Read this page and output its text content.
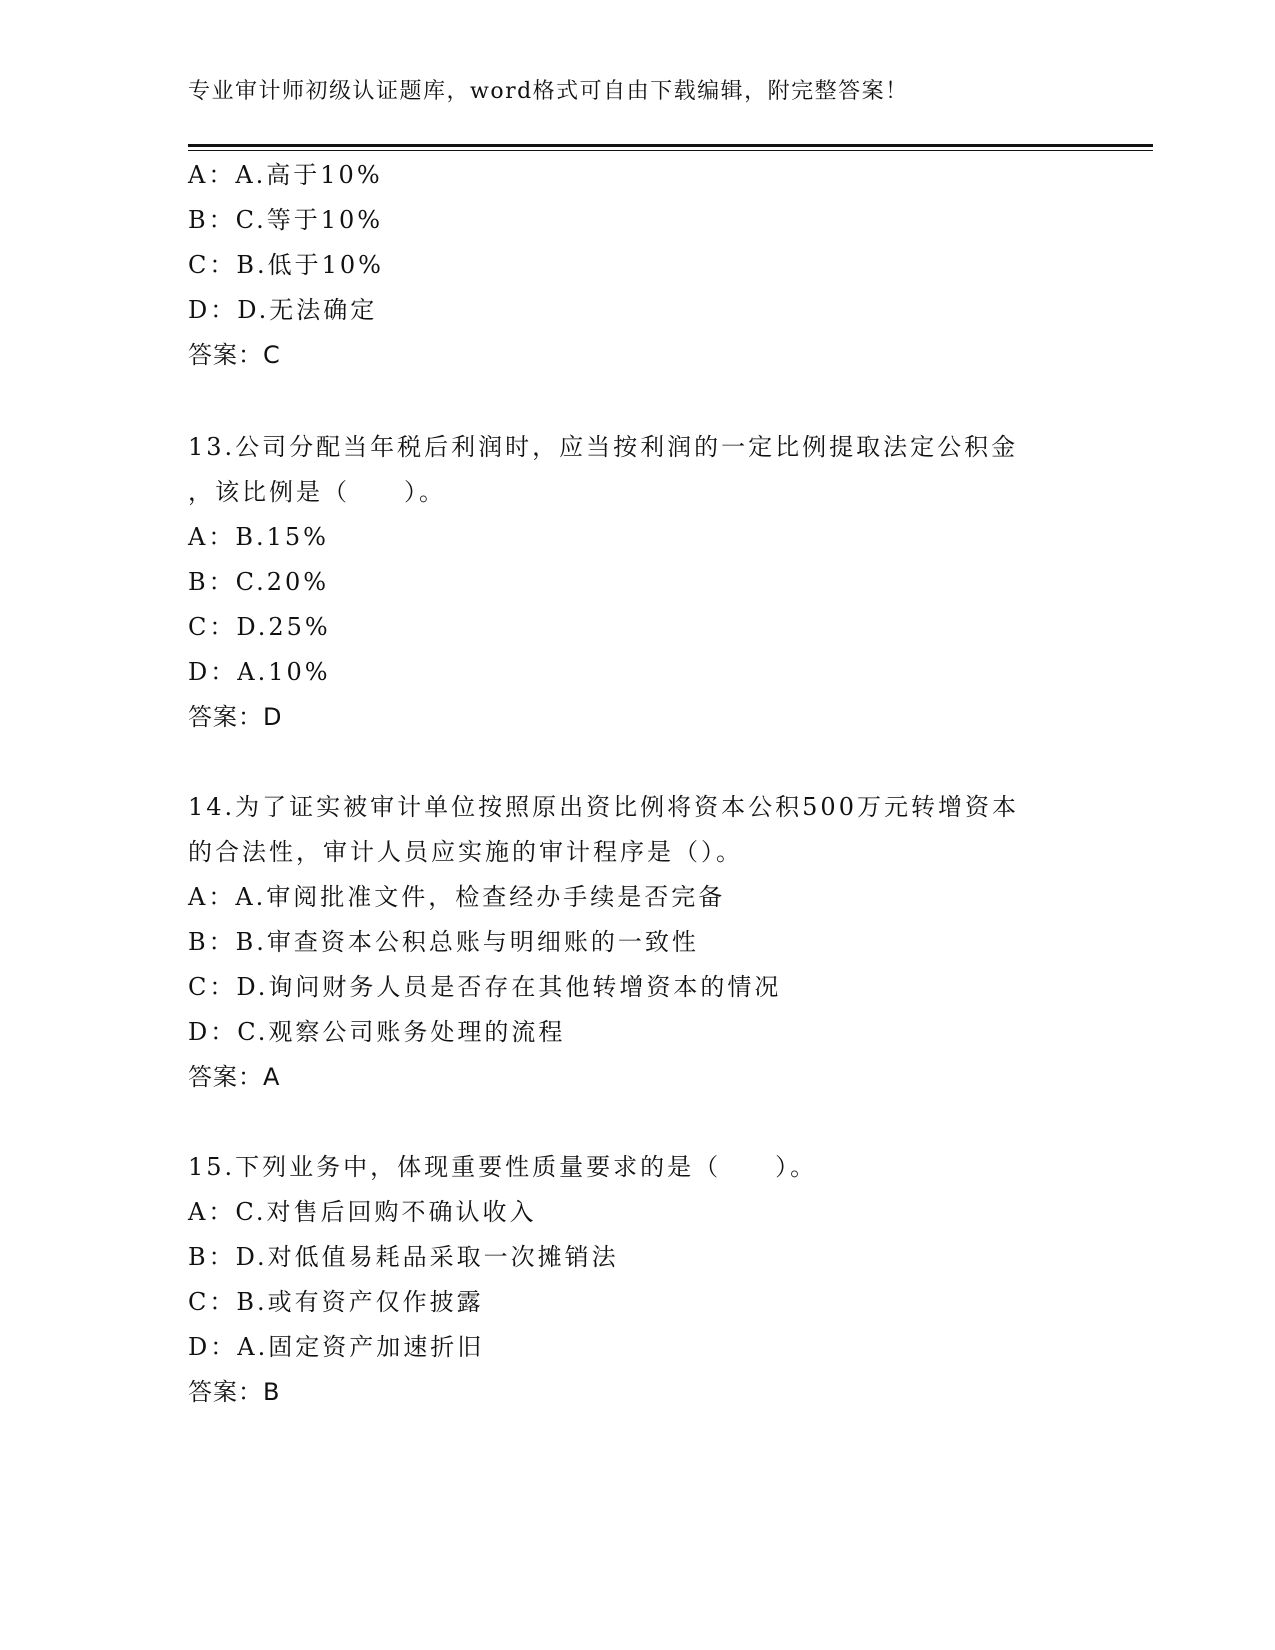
专业审计师初级认证题库，word格式可自由下载编辑，附完整答案！
A：A.高于10%
B：C.等于10%
C：B.低于10%
D：D.无法确定
答案：C
13.公司分配当年税后利润时，应当按利润的一定比例提取法定公积金
，该比例是（　　）。
A：B.15%
B：C.20%
C：D.25%
D：A.10%
答案：D
14.为了证实被审计单位按照原出资比例将资本公积500万元转增资本
的合法性，审计人员应实施的审计程序是（）。
A：A.审阅批准文件，检查经办手续是否完备
B：B.审查资本公积总账与明细账的一致性
C：D.询问财务人员是否存在其他转增资本的情况
D：C.观察公司账务处理的流程
答案：A
15.下列业务中，体现重要性质量要求的是（　　）。
A：C.对售后回购不确认收入
B：D.对低值易耗品采取一次摊销法
C：B.或有资产仅作披露
D：A.固定资产加速折旧
答案：B
